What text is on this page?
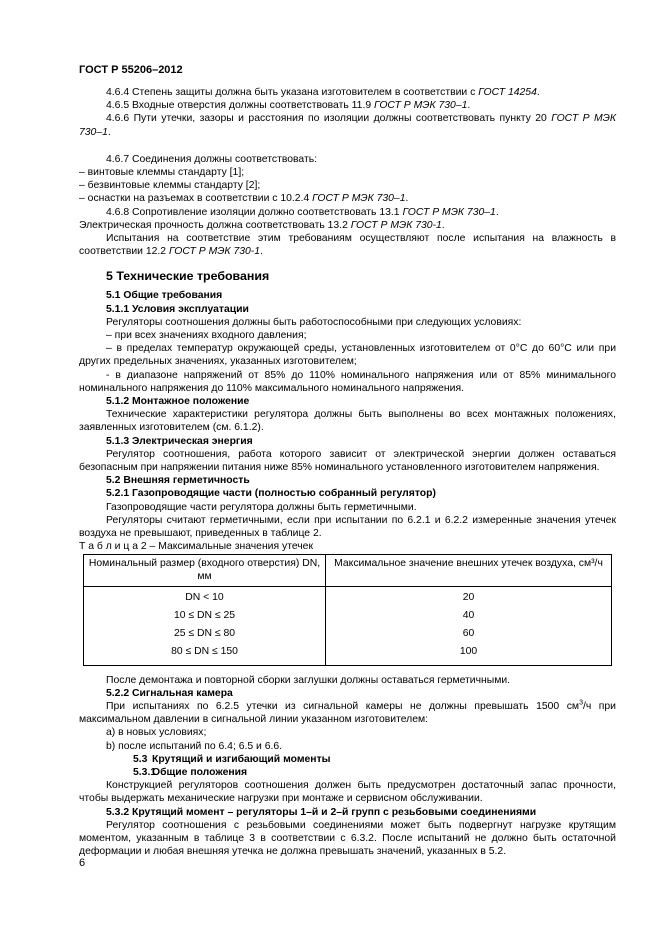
ГОСТ Р 55206–2012

4.6.4 Степень защиты должна быть указана изготовителем в соответствии с ГОСТ 14254.

4.6.5 Входные отверстия должны соответствовать 11.9 ГОСТ Р МЭК 730–1.

4.6.6 Пути утечки, зазоры и расстояния по изоляции должны соответствовать пункту 20 ГОСТ Р МЭК 730–1.

4.6.7 Соединения должны соответствовать:

– винтовые клеммы стандарту [1];

– безвинтовые клеммы стандарту [2];

– оснастки на разъемах в соответствии с 10.2.4 ГОСТ Р МЭК 730–1.

4.6.8 Сопротивление изоляции должно соответствовать 13.1 ГОСТ Р МЭК 730–1.

Электрическая прочность должна соответствовать 13.2 ГОСТ Р МЭК 730-1.

Испытания на соответствие этим требованиям осуществляют после испытания на влажность в соответствии 12.2 ГОСТ Р МЭК 730-1.

5 Технические требования

5.1 Общие требования

5.1.1 Условия эксплуатации

Регуляторы соотношения должны быть работоспособными при следующих условиях:

– при всех значениях входного давления;

– в пределах температур окружающей среды, установленных изготовителем от 0°С до 60°С или при других предельных значениях, указанных изготовителем;

- в диапазоне напряжений от 85% до 110% номинального напряжения или от 85% минимального номинального напряжения до 110% максимального номинального напряжения.

5.1.2 Монтажное положение

Технические характеристики регулятора должны быть выполнены во всех монтажных положениях, заявленных изготовителем (см. 6.1.2).

5.1.3 Электрическая энергия

Регулятор соотношения, работа которого зависит от электрической энергии должен оставаться безопасным при напряжении питания ниже 85% номинального установленного изготовителем напряжения.

5.2 Внешняя герметичность

5.2.1 Газопроводящие части (полностью собранный регулятор)

Газопроводящие части регулятора должны быть герметичными.

Регуляторы считают герметичными, если при испытании по 6.2.1 и 6.2.2 измеренные значения утечек воздуха не превышают, приведенных в таблице 2.

Т а б л и ц а 2 – Максимальные значения утечек

Номинальный размер (входного отверстия) DN, мм	Максимальное значение внешних утечек воздуха, см³/ч
DN < 10	20
10 ≤ DN ≤ 25	40
25 ≤ DN ≤ 80	60
80 ≤ DN ≤ 150	100

После демонтажа и повторной сборки заглушки должны оставаться герметичными.

5.2.2 Сигнальная камера

При испытаниях по 6.2.5 утечки из сигнальной камеры не должны превышать 1500 $см^3/ч$ при максимальном давлении в сигнальной линии указанном изготовителем:

а) в новых условиях;

b) после испытаний по 6.4; 6.5 и 6.6.

5.3 Крутящий и изгибающий моменты

5.3.1Общие положения

Конструкцией регуляторов соотношения должен быть предусмотрен достаточный запас прочности, чтобы выдержать механические нагрузки при монтаже и сервисном обслуживании.

5.3.2 Крутящий момент – регуляторы 1–й и 2–й групп с резьбовыми соединениями

Регулятор соотношения с резьбовыми соединениями может быть подвергнут нагрузке крутящим моментом, указанным в таблице 3 в соответствии с 6.3.2. После испытаний не должно быть остаточной деформации и любая внешняя утечка не должна превышать значений, указанных в 5.2.

6
